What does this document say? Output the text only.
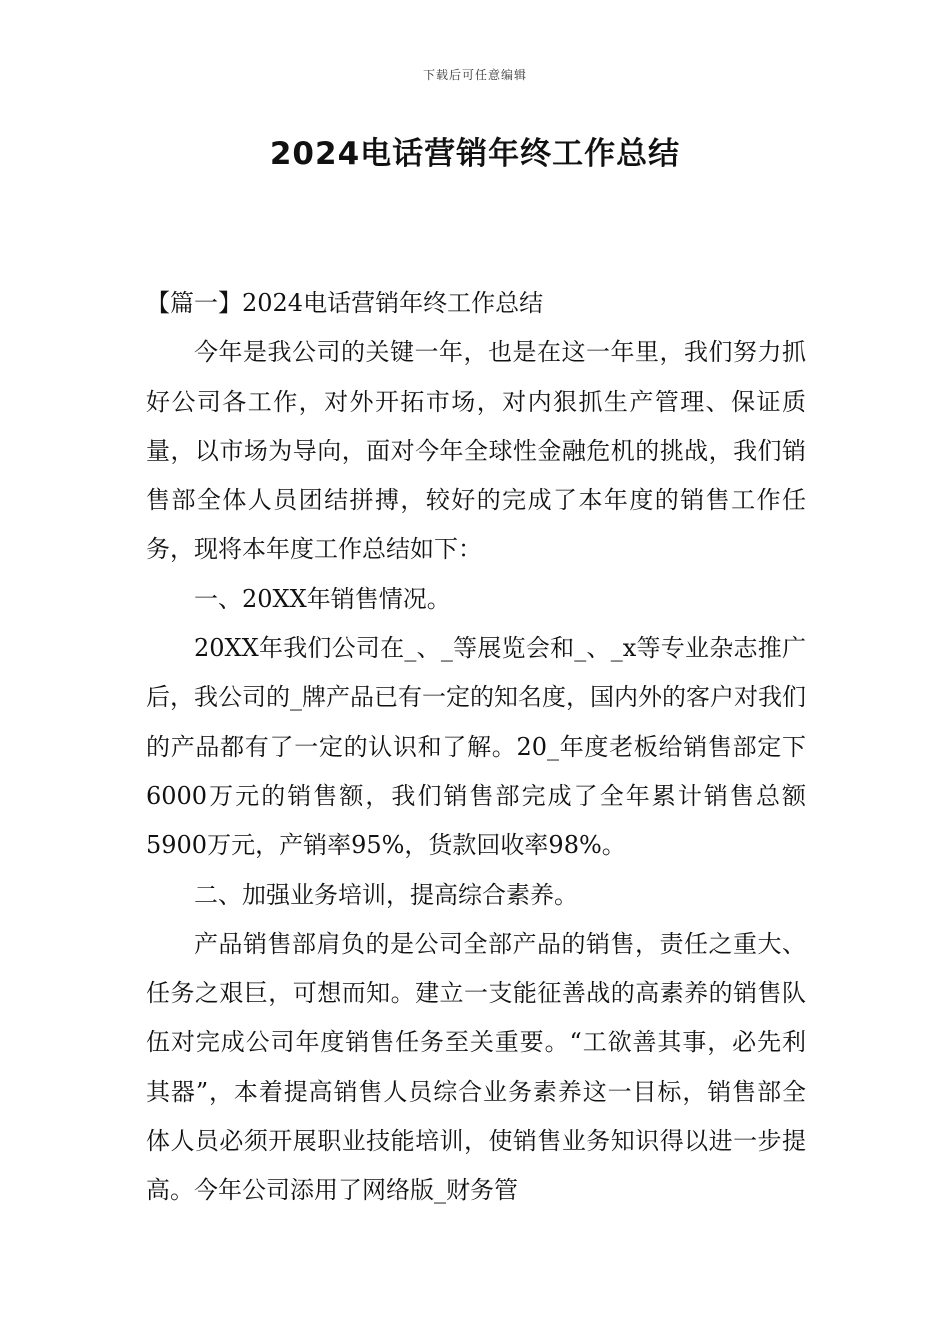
下载后可任意编辑
2024电话营销年终工作总结

【篇一】2024电话营销年终工作总结

今年是我公司的关键一年，也是在这一年里，我们努力抓好公司各工作，对外开拓市场，对内狠抓生产管理、保证质量，以市场为导向，面对今年全球性金融危机的挑战，我们销售部全体人员团结拼搏，较好的完成了本年度的销售工作任务，现将本年度工作总结如下：

一、20XX年销售情况。

20XX年我们公司在_、_等展览会和_、_x等专业杂志推广后，我公司的_牌产品已有一定的知名度，国内外的客户对我们的产品都有了一定的认识和了解。20_年度老板给销售部定下6000万元的销售额，我们销售部完成了全年累计销售总额5900万元，产销率95%，货款回收率98%。

二、加强业务培训，提高综合素养。

产品销售部肩负的是公司全部产品的销售，责任之重大、任务之艰巨，可想而知。建立一支能征善战的高素养的销售队伍对完成公司年度销售任务至关重要。“工欲善其事，必先利其器”，本着提高销售人员综合业务素养这一目标，销售部全体人员必须开展职业技能培训，使销售业务知识得以进一步提高。今年公司添用了网络版_财务管
